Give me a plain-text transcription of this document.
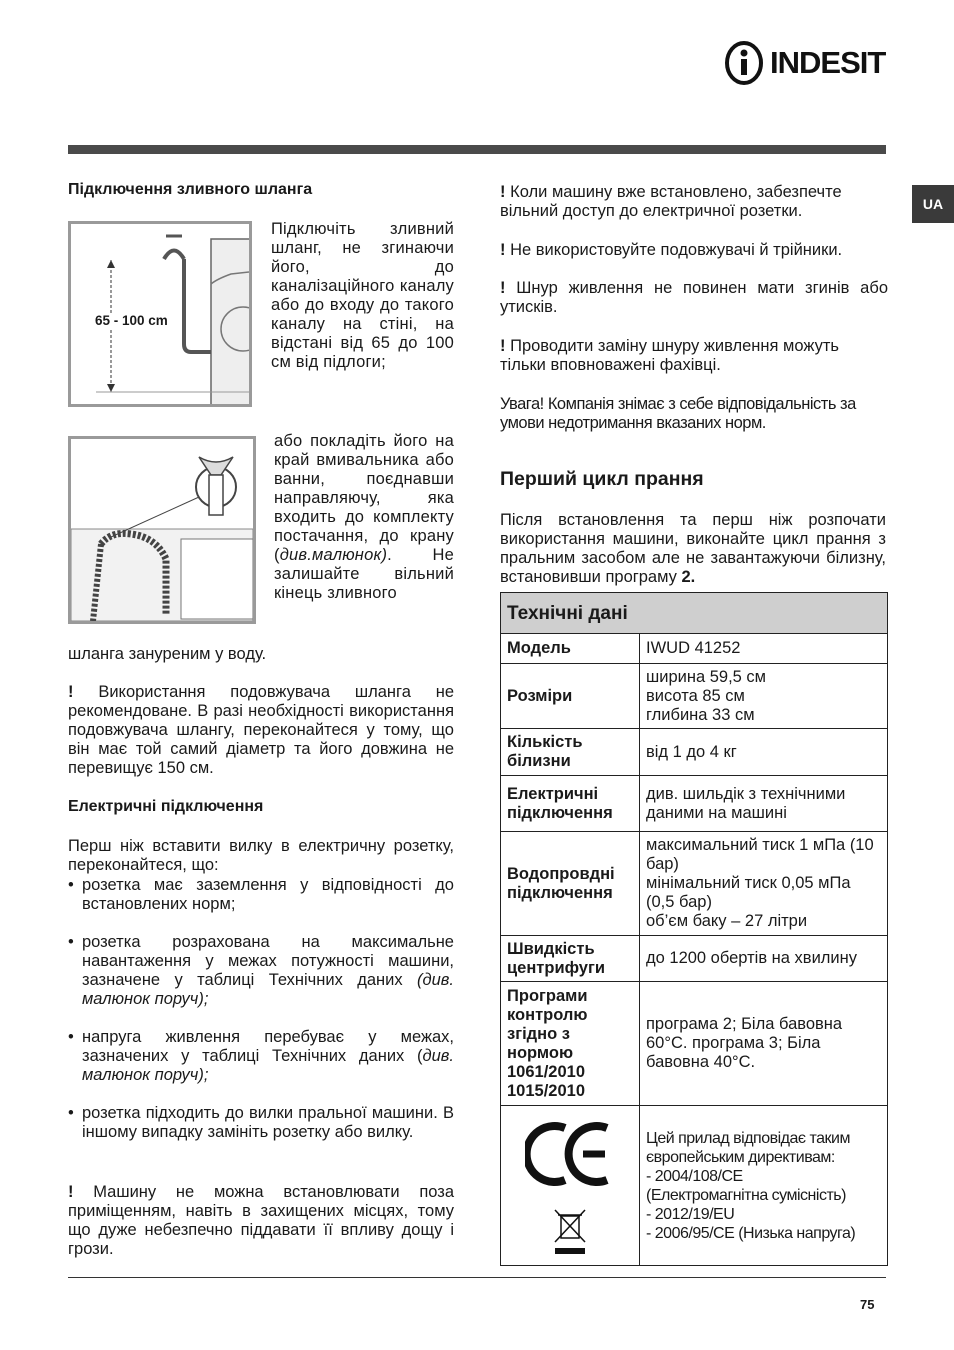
INDESIT
UA
Підключення зливного шланга
65 - 100 cm
Підключіть зливний шланг, не згинаючи його, до каналізаційного каналу або до входу до такого каналу на стіні, на відстані від 65 до 100 см від підлоги;
або покладіть його на край вмивальника або ванни, поєднавши направляючу, яка входить до комплекту постачання, до крану (див.малюнок). Не залишайте вільний кінець зливного
шланга зануреним у воду.
! Використання подовжувача шланга не рекомендоване. В разі необхідності використання подовжувача шлангу, переконайтеся у тому, що він має той самий діаметр та його довжина не перевищує 150 см.
Електричні підключення
Перш ніж вставити вилку в електричну розетку, переконайтеся, що:
• розетка має заземлення у відповідності до встановлених норм;
• розетка розрахована на максимальне навантаження у межах потужності машини, зазначене у таблиці Технічних даних (див. малюнок поруч);
• напруга живлення перебуває у межах, зазначених у таблиці Технічних даних (див. малюнок поруч);
• розетка підходить до вилки пральної машини. В іншому випадку замініть розетку або вилку.
! Машину не можна встановлювати поза приміщенням, навіть в захищених місцях, тому що дуже небезпечно піддавати її впливу дощу і грози.
! Коли машину вже встановлено, забезпечте вільний доступ до електричної розетки.
! Не використовуйте подовжувачі й трійники.
! Шнур живлення не повинен мати згинів або утисків.
! Проводити заміну шнуру живлення можуть тільки вповноважені фахівці.
Увага! Компанія знімає з себе відповідальність за умови недотримання вказаних норм.
Перший цикл прання
Після встановлення та перш ніж розпочати використання машини, виконайте цикл прання з пральним засобом але не завантажуючи білизну, встановивши програму 2.
Технічні дані	
Модель	IWUD 41252
Розміри	ширина 59,5 см
висота 85 см
глибина 33 см

Кількість білизни	від 1 до 4 кг
Електричні підключення	див. шильдік з технічними даними на машині
Водопровдні підключення	максимальний тиск 1 мПа (10 бар)
мінімальний тиск 0,05 мПа (0,5 бар)
об’єм баку – 27 літри

Швидкість центрифуги	до 1200 обертів на хвилину
Програми контролю згідно з нормою 1061/2010 1015/2010	програма 2; Біла бавовна 60°C. програма 3; Біла бавовна 40°C.

Цей прилад відповідає таким європейським директивам:
- 2004/108/CE
(Електромагнітна сумісність)
- 2012/19/EU
- 2006/95/CE (Низька напруга)
75
